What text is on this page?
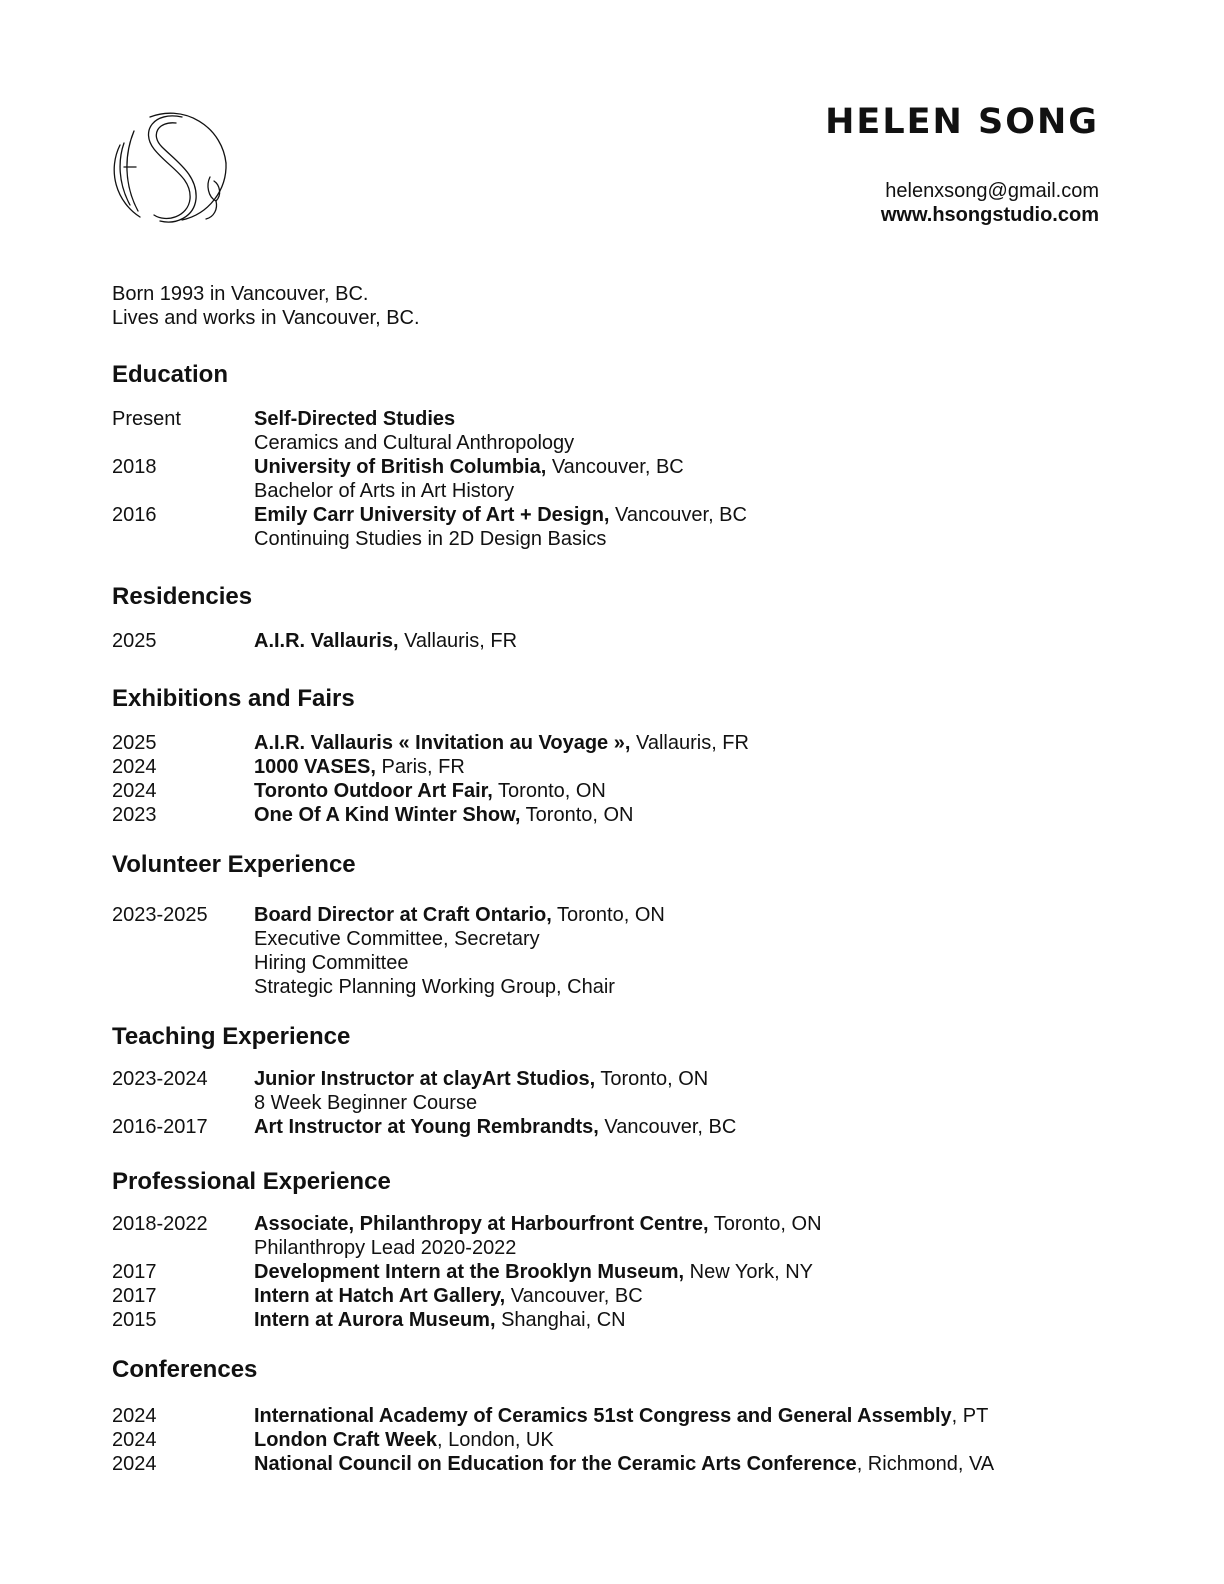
HELEN SONG
helenxsong@gmail.com
www.hsongstudio.com
Born 1993 in Vancouver, BC.
Lives and works in Vancouver, BC.
Education
Present	Self-Directed Studies
Ceramics and Cultural Anthropology
2018	University of British Columbia, Vancouver, BC
Bachelor of Arts in Art History
2016	Emily Carr University of Art + Design, Vancouver, BC
Continuing Studies in 2D Design Basics
Residencies
2025	A.I.R. Vallauris, Vallauris, FR
Exhibitions and Fairs
2025	A.I.R. Vallauris « Invitation au Voyage », Vallauris, FR
2024	1000 VASES, Paris, FR
2024	Toronto Outdoor Art Fair, Toronto, ON
2023	One Of A Kind Winter Show, Toronto, ON
Volunteer Experience
2023-2025	Board Director at Craft Ontario, Toronto, ON
Executive Committee, Secretary
Hiring Committee
Strategic Planning Working Group, Chair
Teaching Experience
2023-2024	Junior Instructor at clayArt Studios, Toronto, ON
8 Week Beginner Course
2016-2017	Art Instructor at Young Rembrandts, Vancouver, BC
Professional Experience
2018-2022	Associate, Philanthropy at Harbourfront Centre, Toronto, ON
Philanthropy Lead 2020-2022
2017	Development Intern at the Brooklyn Museum, New York, NY
2017	Intern at Hatch Art Gallery, Vancouver, BC
2015	Intern at Aurora Museum, Shanghai, CN
Conferences
2024	International Academy of Ceramics 51st Congress and General Assembly, PT
2024	London Craft Week, London, UK
2024	National Council on Education for the Ceramic Arts Conference, Richmond, VA
